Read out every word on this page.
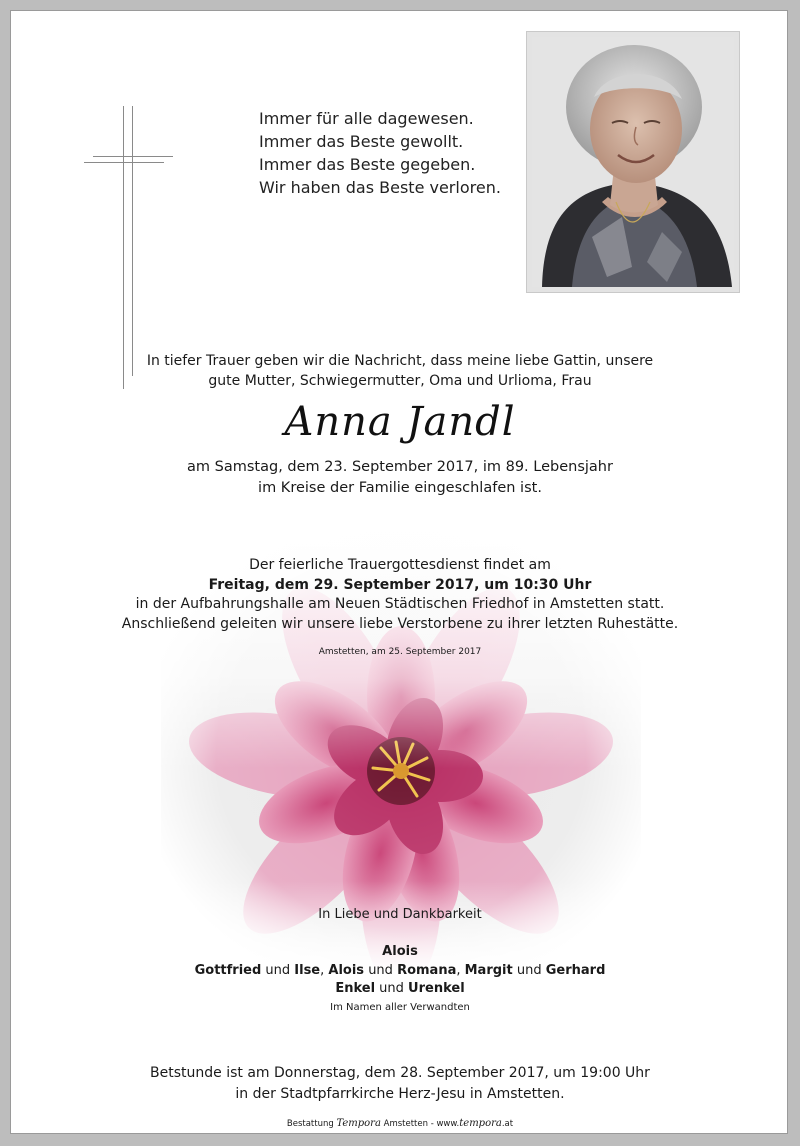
Immer für alle dagewesen.
Immer das Beste gewollt.
Immer das Beste gegeben.
Wir haben das Beste verloren.
In tiefer Trauer geben wir die Nachricht, dass meine liebe Gattin, unsere
gute Mutter, Schwiegermutter, Oma und Urlioma, Frau
Anna Jandl
am Samstag, dem 23. September 2017, im 89. Lebensjahr
im Kreise der Familie eingeschlafen ist.
Der feierliche Trauergottesdienst findet am
Freitag, dem 29. September 2017, um 10:30 Uhr
in der Aufbahrungshalle am Neuen Städtischen Friedhof in Amstetten statt.
Anschließend geleiten wir unsere liebe Verstorbene zu ihrer letzten Ruhestätte.
Amstetten, am 25. September 2017
In Liebe und Dankbarkeit
Alois
Gottfried und Ilse, Alois und Romana, Margit und Gerhard
Enkel und Urenkel
Im Namen aller Verwandten
Betstunde ist am Donnerstag, dem 28. September 2017, um 19:00 Uhr
in der Stadtpfarrkirche Herz-Jesu in Amstetten.
Bestattung Tempora Amstetten - www.tempora.at
